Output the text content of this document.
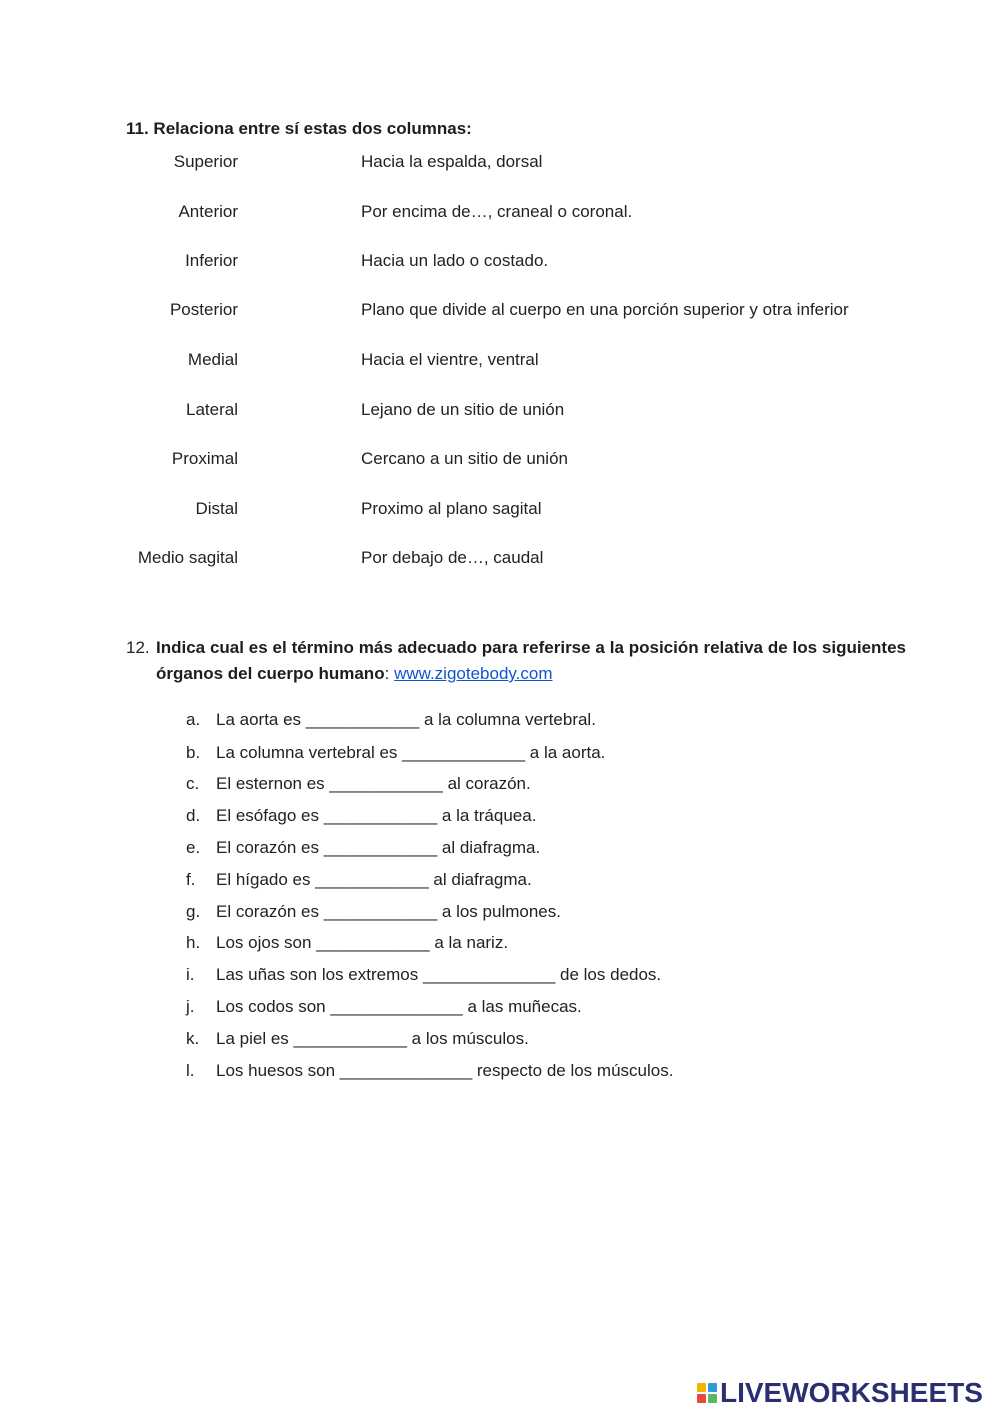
11. Relaciona entre sí estas dos columnas:
Superior	Hacia la espalda, dorsal
Anterior	Por encima de…, craneal o coronal.
Inferior	Hacia un lado o costado.
Posterior	Plano que divide al cuerpo en una porción superior y otra inferior
Medial	Hacia el vientre, ventral
Lateral	Lejano de un sitio de unión
Proximal	Cercano a un sitio de unión
Distal	Proximo al plano sagital
Medio sagital	Por debajo de…, caudal
12. Indica cual es el término más adecuado para referirse a la posición relativa de los siguientes órganos del cuerpo humano: www.zigotebody.com
a. La aorta es ____________ a la columna vertebral.
b. La columna vertebral es _____________ a la aorta.
c. El esternon es ____________ al corazón.
d. El esófago es ____________ a la tráquea.
e. El corazón es ____________ al diafragma.
f. El hígado es ____________ al diafragma.
g. El corazón es ____________ a los pulmones.
h. Los ojos son ____________ a la nariz.
i. Las uñas son los extremos ______________ de los dedos.
j. Los codos son ______________ a las muñecas.
k. La piel es ____________ a los músculos.
l. Los huesos son ______________ respecto de los músculos.
LIVEWORKSHEETS
